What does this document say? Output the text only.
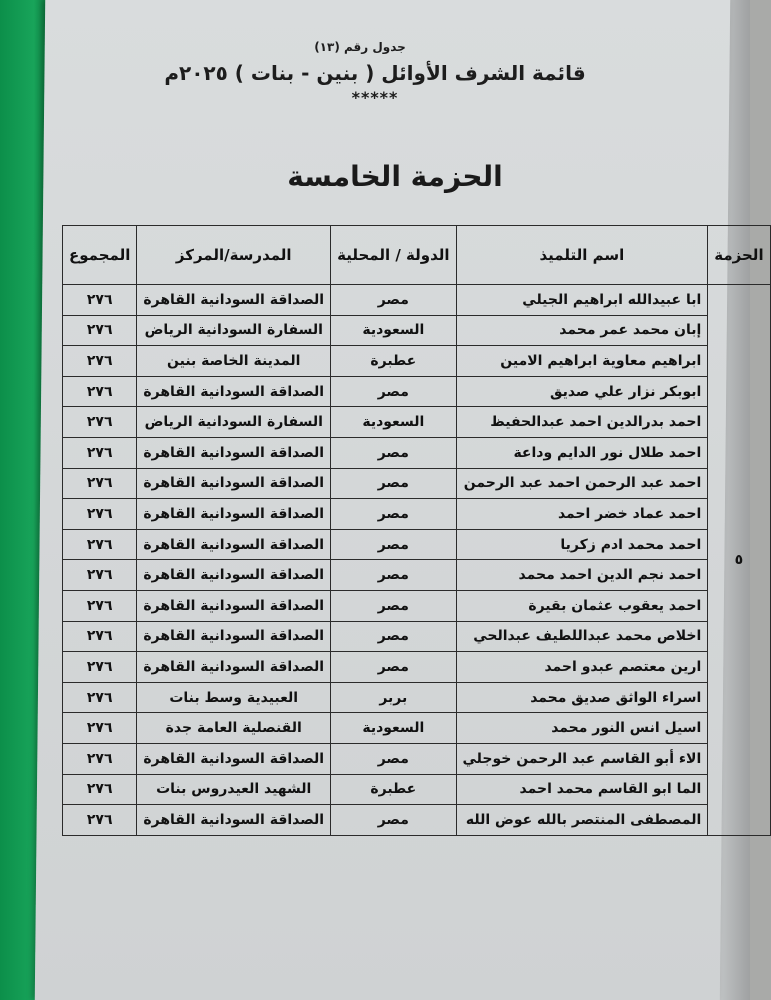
جدول رقم (١٣)
قائمة الشرف الأوائل ( بنين - بنات ) ٢٠٢٥م
*****
الحزمة الخامسة
الحزمة	اسم التلميذ	الدولة / المحلية	المدرسة/المركز	المجموع
٥	ابا عبيدالله ابراهيم الجيلي	مصر	الصداقة السودانية القاهرة	٢٧٦
	إبان محمد عمر محمد	السعودية	السفارة السودانية الرياض	٢٧٦
	ابراهيم معاوية ابراهيم الامين	عطبرة	المدينة الخاصة بنين	٢٧٦
	ابوبكر نزار علي صديق	مصر	الصداقة السودانية القاهرة	٢٧٦
	احمد بدرالدين احمد عبدالحفيظ	السعودية	السفارة السودانية الرياض	٢٧٦
	احمد طلال نور الدايم وداعة	مصر	الصداقة السودانية القاهرة	٢٧٦
	احمد عبد الرحمن احمد عبد الرحمن	مصر	الصداقة السودانية القاهرة	٢٧٦
	احمد عماد خضر احمد	مصر	الصداقة السودانية القاهرة	٢٧٦
	احمد محمد ادم زكريا	مصر	الصداقة السودانية القاهرة	٢٧٦
	احمد نجم الدين احمد محمد	مصر	الصداقة السودانية القاهرة	٢٧٦
	احمد يعقوب عثمان بقيرة	مصر	الصداقة السودانية القاهرة	٢٧٦
	اخلاص محمد عبداللطيف عبدالحي	مصر	الصداقة السودانية القاهرة	٢٧٦
	ارين معتصم عبدو احمد	مصر	الصداقة السودانية القاهرة	٢٧٦
	اسراء الواثق صديق محمد	بربر	العبيدية وسط بنات	٢٧٦
	اسيل انس النور محمد	السعودية	القنصلية العامة جدة	٢٧٦
	الاء أبو القاسم عبد الرحمن خوجلي	مصر	الصداقة السودانية القاهرة	٢٧٦
	الما ابو القاسم محمد احمد	عطبرة	الشهيد العيدروس بنات	٢٧٦
	المصطفى المنتصر بالله عوض الله	مصر	الصداقة السودانية القاهرة	٢٧٦
